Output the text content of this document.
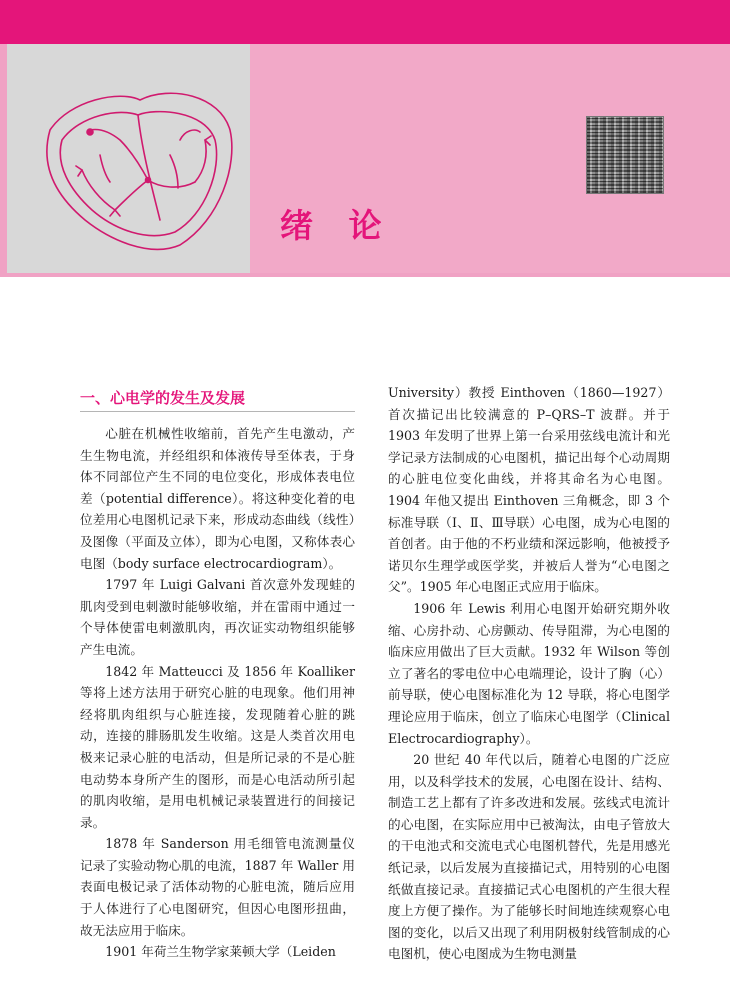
绪 论
一、心电学的发生及发展

心脏在机械性收缩前，首先产生电激动，产生生物电流，并经组织和体液传导至体表，于身体不同部位产生不同的电位变化，形成体表电位差（potential difference）。将这种变化着的电位差用心电图机记录下来，形成动态曲线（线性）及图像（平面及立体），即为心电图，又称体表心电图（body surface electrocardiogram）。

1797 年 Luigi Galvani 首次意外发现蛙的肌肉受到电刺激时能够收缩，并在雷雨中通过一个导体使雷电刺激肌肉，再次证实动物组织能够产生电流。

1842 年 Matteucci 及 1856 年 Koalliker 等将上述方法用于研究心脏的电现象。他们用神经将肌肉组织与心脏连接，发现随着心脏的跳动，连接的腓肠肌发生收缩。这是人类首次用电极来记录心脏的电活动，但是所记录的不是心脏电动势本身所产生的图形，而是心电活动所引起的肌肉收缩，是用电机械记录装置进行的间接记录。

1878 年 Sanderson 用毛细管电流测量仪记录了实验动物心肌的电流，1887 年 Waller 用表面电极记录了活体动物的心脏电流，随后应用于人体进行了心电图研究，但因心电图形扭曲，故无法应用于临床。

1901 年荷兰生物学家莱顿大学（Leiden

University）教授 Einthoven（1860—1927）首次描记出比较满意的 P–QRS–T 波群。并于 1903 年发明了世界上第一台采用弦线电流计和光学记录方法制成的心电图机，描记出每个心动周期的心脏电位变化曲线，并将其命名为心电图。1904 年他又提出 Einthoven 三角概念，即 3 个标准导联（Ⅰ、Ⅱ、Ⅲ导联）心电图，成为心电图的首创者。由于他的不朽业绩和深远影响，他被授予诺贝尔生理学或医学奖，并被后人誉为“心电图之父”。1905 年心电图正式应用于临床。

1906 年 Lewis 利用心电图开始研究期外收缩、心房扑动、心房颤动、传导阻滞，为心电图的临床应用做出了巨大贡献。1932 年 Wilson 等创立了著名的零电位中心电端理论，设计了胸（心）前导联，使心电图标准化为 12 导联，将心电图学理论应用于临床，创立了临床心电图学（Clinical Electrocardiography）。

20 世纪 40 年代以后，随着心电图的广泛应用，以及科学技术的发展，心电图在设计、结构、制造工艺上都有了许多改进和发展。弦线式电流计的心电图，在实际应用中已被淘汰，由电子管放大的干电池式和交流电式心电图机替代，先是用感光纸记录，以后发展为直接描记式，用特别的心电图纸做直接记录。直接描记式心电图机的产生很大程度上方便了操作。为了能够长时间地连续观察心电图的变化，以后又出现了利用阴极射线管制成的心电图机，使心电图成为生物电测量
